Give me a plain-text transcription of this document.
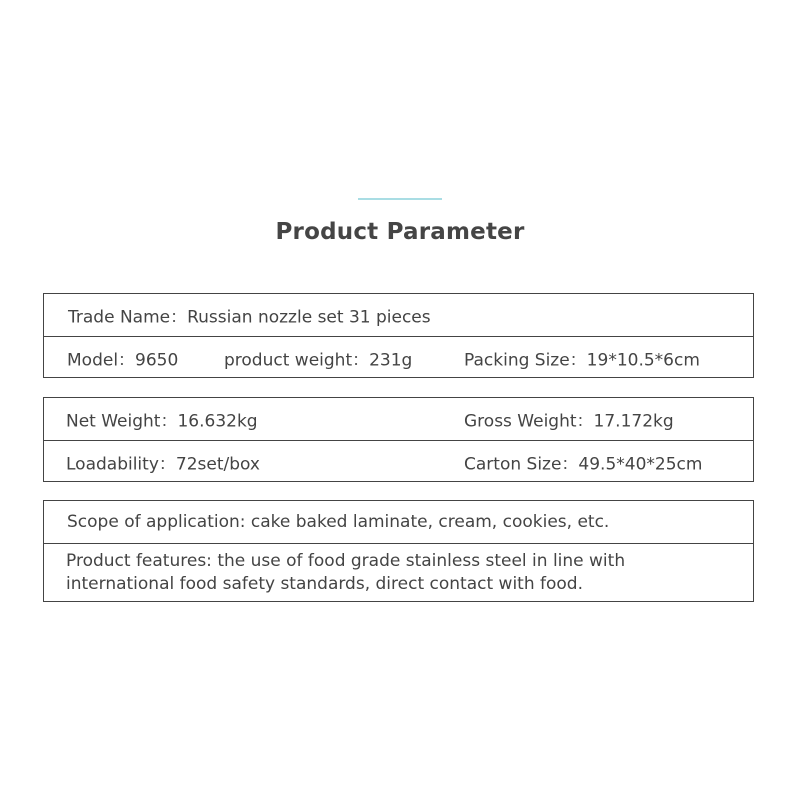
Product Parameter
Trade Name：Russian nozzle set 31 pieces
Model：9650	product weight：231g	Packing Size：19*10.5*6cm
Net Weight：16.632kg	Gross Weight：17.172kg
Loadability：72set/box	Carton Size：49.5*40*25cm
Scope of application: cake baked laminate, cream, cookies, etc.
Product features: the use of food grade stainless steel in line with
international food safety standards, direct contact with food.
